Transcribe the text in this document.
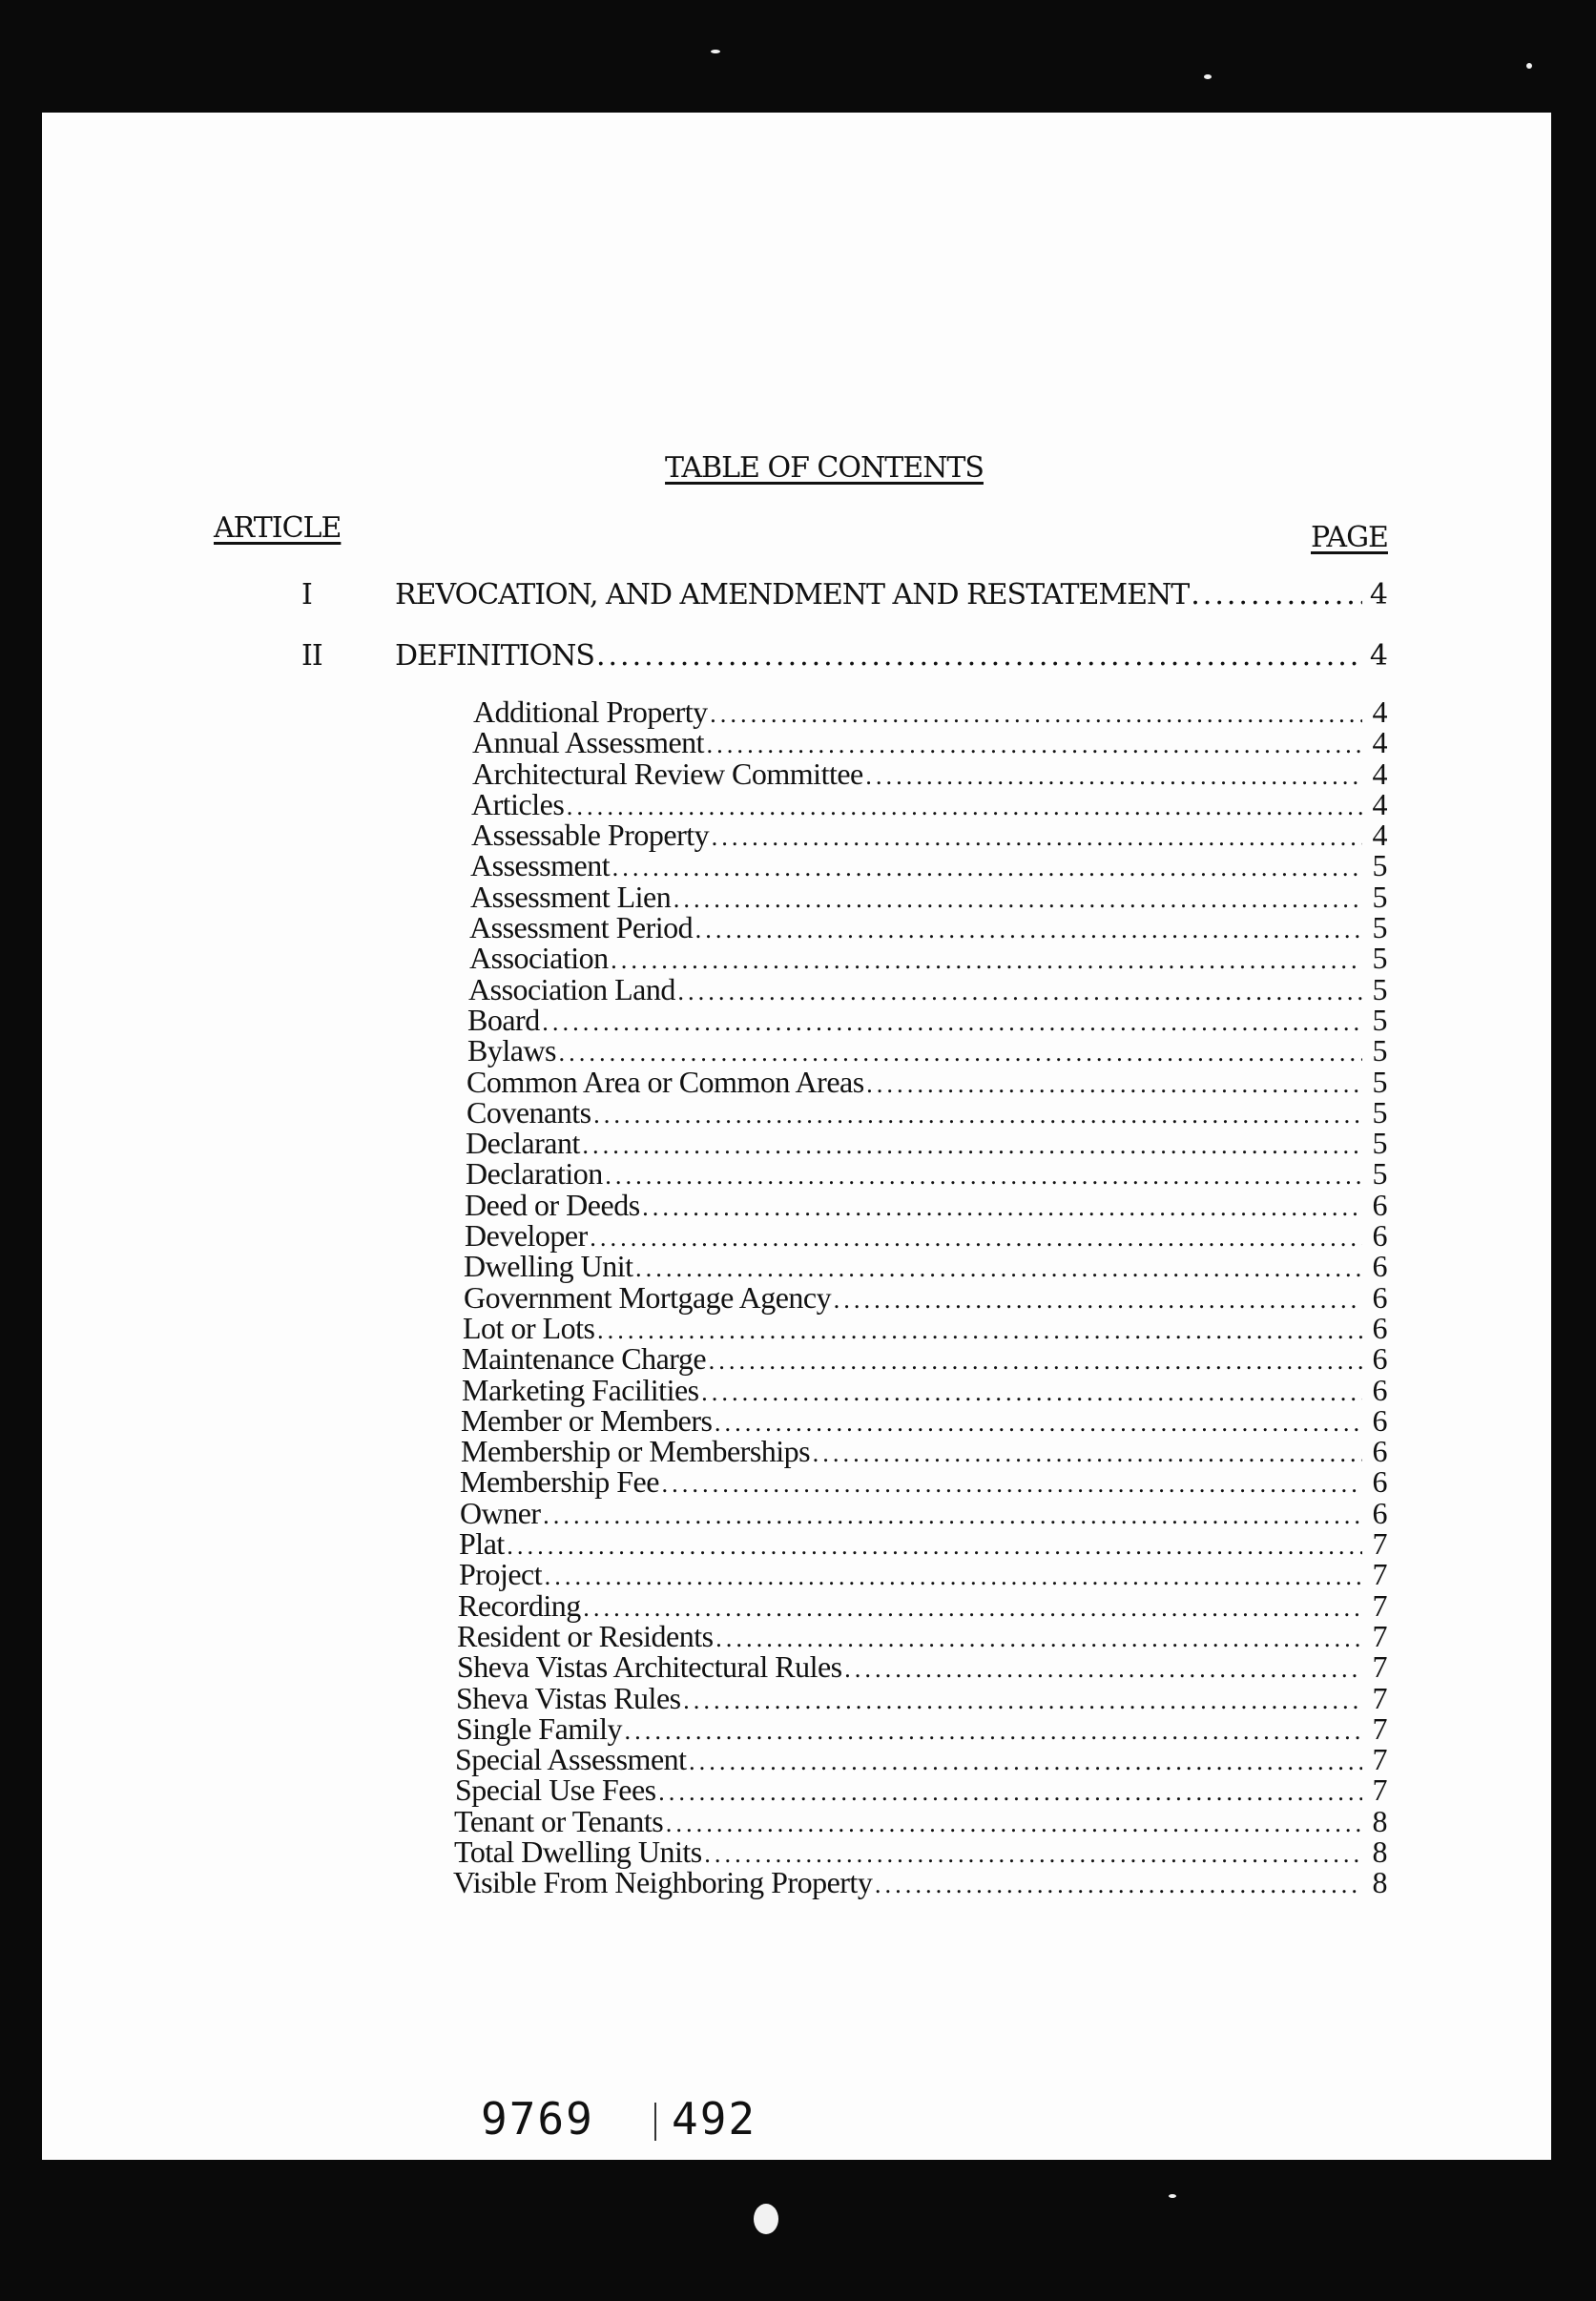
TABLE OF CONTENTS
ARTICLE	PAGE
I	REVOCATION, AND AMENDMENT AND RESTATEMENT .....	4
II	DEFINITIONS .....	4
Additional Property .....	4
Annual Assessment .....	4
Architectural Review Committee .....	4
Articles .....	4
Assessable Property .....	4
Assessment .....	5
Assessment Lien .....	5
Assessment Period .....	5
Association .....	5
Association Land .....	5
Board .....	5
Bylaws .....	5
Common Area or Common Areas .....	5
Covenants .....	5
Declarant .....	5
Declaration .....	5
Deed or Deeds .....	6
Developer .....	6
Dwelling Unit .....	6
Government Mortgage Agency .....	6
Lot or Lots .....	6
Maintenance Charge .....	6
Marketing Facilities .....	6
Member or Members .....	6
Membership or Memberships .....	6
Membership Fee .....	6
Owner .....	6
Plat .....	7
Project .....	7
Recording .....	7
Resident or Residents .....	7
Sheva Vistas Architectural Rules .....	7
Sheva Vistas Rules .....	7
Single Family .....	7
Special Assessment .....	7
Special Use Fees .....	7
Tenant or Tenants .....	8
Total Dwelling Units .....	8
Visible From Neighboring Property .....	8
9769 492
